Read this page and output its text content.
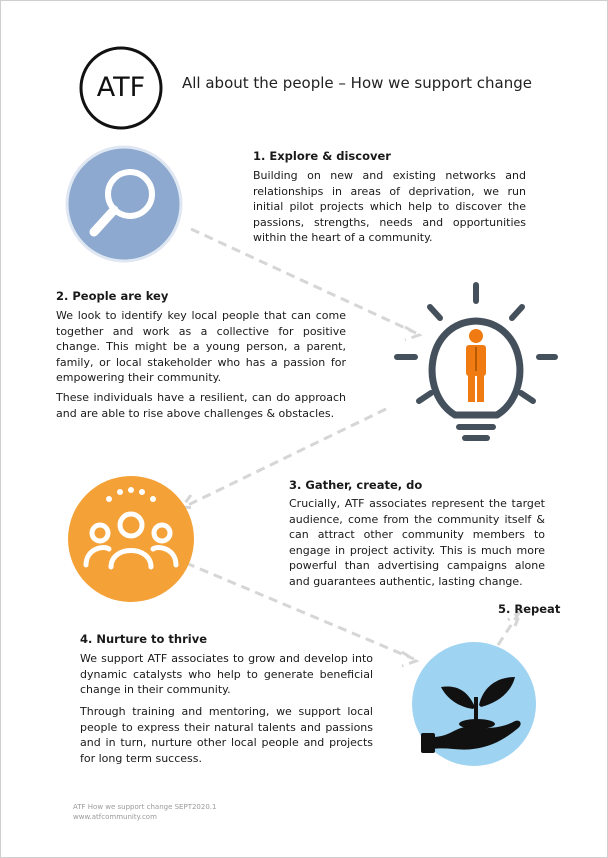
ATF	All about the people – How we support change
1. Explore & discover
Building on new and existing networks and relationships in areas of deprivation, we run initial pilot projects which help to discover the passions, strengths, needs and opportunities within the heart of a community.
2. People are key
We look to identify key local people that can come together and work as a collective for positive change. This might be a young person, a parent, family, or local stakeholder who has a passion for empowering their community.
These individuals have a resilient, can do approach and are able to rise above challenges & obstacles.
3. Gather, create, do
Crucially, ATF associates represent the target audience, come from the community itself & can attract other community members to engage in project activity. This is much more powerful than advertising campaigns alone and guarantees authentic, lasting change.
5. Repeat
4. Nurture to thrive
We support ATF associates to grow and develop into dynamic catalysts who help to generate beneficial change in their community.
Through training and mentoring, we support local people to express their natural talents and passions and in turn, nurture other local people and projects for long term success.
ATF How we support change SEPT2020.1
www.atfcommunity.com
